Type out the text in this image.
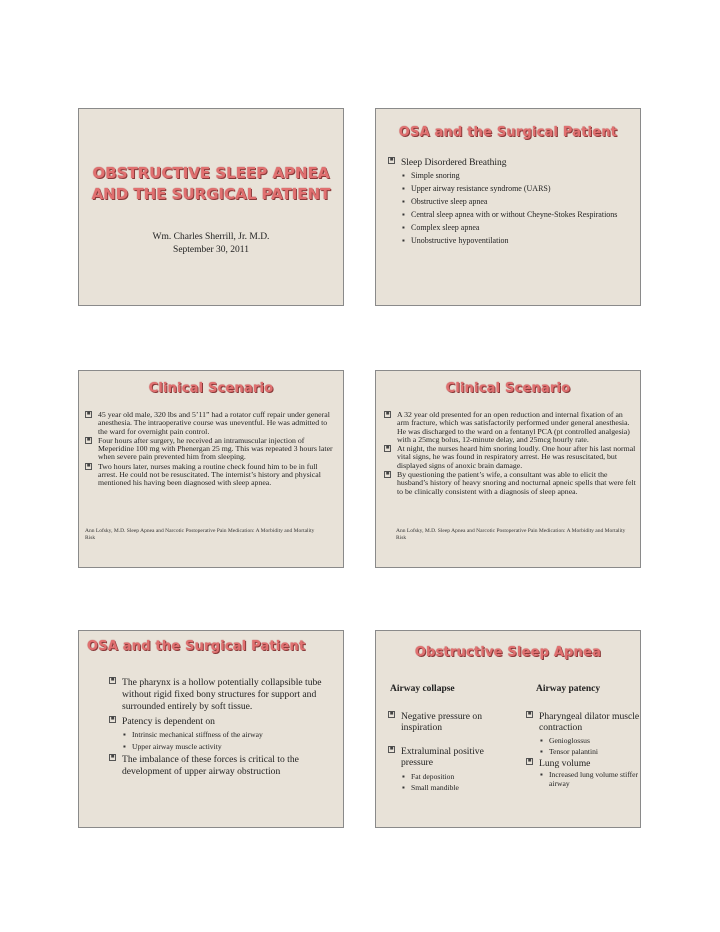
OBSTRUCTIVE SLEEP APNEA
AND THE SURGICAL PATIENT
Wm. Charles Sherrill, Jr. M.D.
September 30, 2011
OSA and the Surgical Patient
■ Sleep Disordered Breathing
▪ Simple snoring
▪ Upper airway resistance syndrome (UARS)
▪ Obstructive sleep apnea
▪ Central sleep apnea with or without Cheyne-Stokes Respirations
▪ Complex sleep apnea
▪ Unobstructive hypoventilation
Clinical Scenario
■ 45 year old male, 320 lbs and 5’11” had a rotator cuff repair under general anesthesia. The intraoperative course was uneventful. He was admitted to the ward for overnight pain control.
■ Four hours after surgery, he received an intramuscular injection of Meperidine 100 mg with Phenergan 25 mg. This was repeated 3 hours later when severe pain prevented him from sleeping.
■ Two hours later, nurses making a routine check found him to be in full arrest. He could not be resuscitated. The internist’s history and physical mentioned his having been diagnosed with sleep apnea.
Ann Lofsky, M.D. Sleep Apnea and Narcotic Postoperative Pain Medication: A Morbidity and Mortality Risk
Clinical Scenario
■ A 32 year old presented for an open reduction and internal fixation of an arm fracture, which was satisfactorily performed under general anesthesia. He was discharged to the ward on a fentanyl PCA (pt controlled analgesia) with a 25mcg bolus, 12-minute delay, and 25mcg hourly rate.
■ At night, the nurses heard him snoring loudly. One hour after his last normal vital signs, he was found in respiratory arrest. He was resuscitated, but displayed signs of anoxic brain damage.
■ By questioning the patient’s wife, a consultant was able to elicit the husband’s history of heavy snoring and nocturnal apneic spells that were felt to be clinically consistent with a diagnosis of sleep apnea.
Ann Lofsky, M.D. Sleep Apnea and Narcotic Postoperative Pain Medication: A Morbidity and Mortality Risk
OSA and the Surgical Patient
■ The pharynx is a hollow potentially collapsible tube without rigid fixed bony structures for support and surrounded entirely by soft tissue.
■ Patency is dependent on
▪ Intrinsic mechanical stiffness of the airway
▪ Upper airway muscle activity
■ The imbalance of these forces is critical to the development of upper airway obstruction
Obstructive Sleep Apnea
Airway collapse	Airway patency
■ Negative pressure on inspiration
■ Extraluminal positive pressure
▪ Fat deposition
▪ Small mandible
■ Pharyngeal dilator muscle contraction
▪ Genioglossus
▪ Tensor palantini
■ Lung volume
▪ Increased lung volume stiffer airway
